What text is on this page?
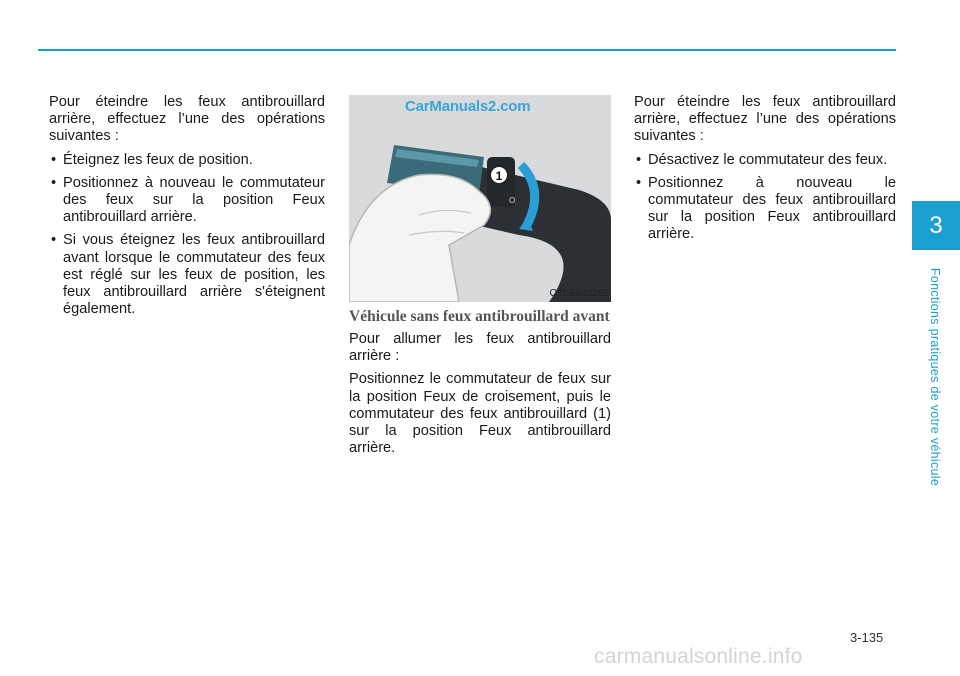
Pour éteindre les feux antibrouillard arrière, effectuez l’une des opérations suivantes :

• Éteignez les feux de position.
• Positionnez à nouveau le commutateur des feux sur la position Feux antibrouillard arrière.
• Si vous éteignez les feux antibrouillard avant lorsque le commutateur des feux est réglé sur les feux de position, les feux antibrouillard arrière s'éteignent également.
1
O
CarManuals2.com
OTLE045285

Véhicule sans feux antibrouillard avant

Pour allumer les feux antibrouillard arrière :

Positionnez le commutateur de feux sur la position Feux de croisement, puis le commutateur des feux antibrouillard (1) sur la position Feux antibrouillard arrière.

Pour éteindre les feux antibrouillard arrière, effectuez l’une des opérations suivantes :

• Désactivez le commutateur des feux.
• Positionnez à nouveau le commutateur des feux antibrouillard sur la position Feux antibrouillard arrière.	3
Fonctions pratiques de votre véhicule
3-135
carmanualsonline.info
